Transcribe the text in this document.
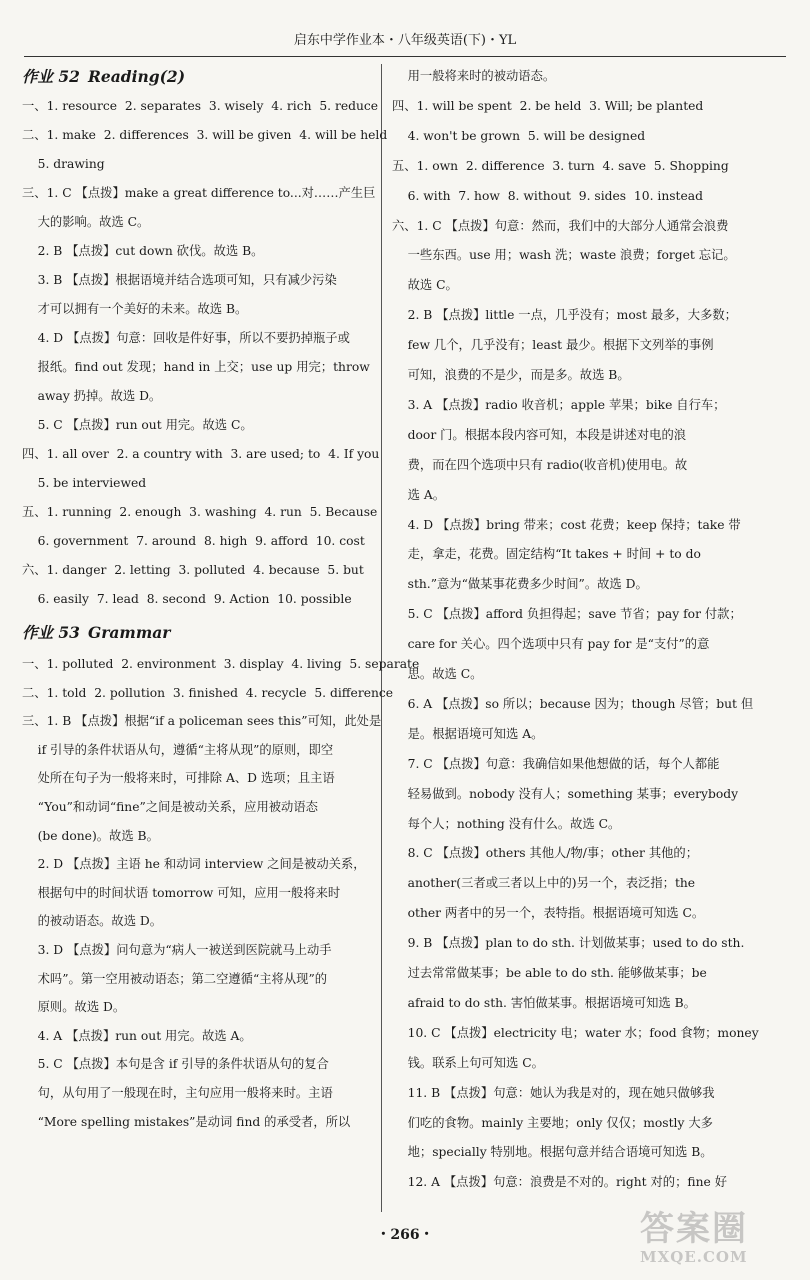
启东中学作业本・八年级英语(下)・YL
作业 52 Reading(2)
一、1. resource  2. separates  3. wisely  4. rich  5. reduce
二、1. make  2. differences  3. will be given  4. will be held
5. drawing
三、1. C 【点拨】make a great difference to...对……产生巨
大的影响。故选 C。
2. B 【点拨】cut down 砍伐。故选 B。
3. B 【点拨】根据语境并结合选项可知，只有减少污染
才可以拥有一个美好的未来。故选 B。
4. D 【点拨】句意：回收是件好事，所以不要扔掉瓶子或
报纸。find out 发现；hand in 上交；use up 用完；throw
away 扔掉。故选 D。
5. C 【点拨】run out 用完。故选 C。
四、1. all over  2. a country with  3. are used; to  4. If you
5. be interviewed
五、1. running  2. enough  3. washing  4. run  5. Because
6. government  7. around  8. high  9. afford  10. cost
六、1. danger  2. letting  3. polluted  4. because  5. but
6. easily  7. lead  8. second  9. Action  10. possible
一、1. polluted  2. environment  3. display  4. living  5. separate
二、1. told  2. pollution  3. finished  4. recycle  5. difference
三、1. B 【点拨】根据“if a policeman sees this”可知，此处是
if 引导的条件状语从句，遵循“主将从现”的原则，即空
处所在句子为一般将来时，可排除 A、D 选项；且主语
“You”和动词“fine”之间是被动关系，应用被动语态
(be done)。故选 B。
2. D 【点拨】主语 he 和动词 interview 之间是被动关系，
根据句中的时间状语 tomorrow 可知，应用一般将来时
的被动语态。故选 D。
3. D 【点拨】问句意为“病人一被送到医院就马上动手
术吗”。第一空用被动语态；第二空遵循“主将从现”的
原则。故选 D。
4. A 【点拨】run out 用完。故选 A。
5. C 【点拨】本句是含 if 引导的条件状语从句的复合
句，从句用了一般现在时，主句应用一般将来时。主语
“More spelling mistakes”是动词 find 的承受者，所以
作业 53 Grammar
用一般将来时的被动语态。
四、1. will be spent  2. be held  3. Will; be planted
4. won't be grown  5. will be designed
五、1. own  2. difference  3. turn  4. save  5. Shopping
6. with  7. how  8. without  9. sides  10. instead
六、1. C 【点拨】句意：然而，我们中的大部分人通常会浪费
一些东西。use 用；wash 洗；waste 浪费；forget 忘记。
故选 C。
2. B 【点拨】little 一点，几乎没有；most 最多，大多数；
few 几个，几乎没有；least 最少。根据下文列举的事例
可知，浪费的不是少，而是多。故选 B。
3. A 【点拨】radio 收音机；apple 苹果；bike 自行车；
door 门。根据本段内容可知，本段是讲述对电的浪
费，而在四个选项中只有 radio(收音机)使用电。故
选 A。
4. D 【点拨】bring 带来；cost 花费；keep 保持；take 带
走，拿走，花费。固定结构“It takes + 时间 + to do
sth.”意为“做某事花费多少时间”。故选 D。
5. C 【点拨】afford 负担得起；save 节省；pay for 付款；
care for 关心。四个选项中只有 pay for 是“支付”的意
思。故选 C。
6. A 【点拨】so 所以；because 因为；though 尽管；but 但
是。根据语境可知选 A。
7. C 【点拨】句意：我确信如果他想做的话，每个人都能
轻易做到。nobody 没有人；something 某事；everybody
每个人；nothing 没有什么。故选 C。
8. C 【点拨】others 其他人/物/事；other 其他的；
another(三者或三者以上中的)另一个，表泛指；the
other 两者中的另一个，表特指。根据语境可知选 C。
9. B 【点拨】plan to do sth. 计划做某事；used to do sth.
过去常常做某事；be able to do sth. 能够做某事；be
afraid to do sth. 害怕做某事。根据语境可知选 B。
10. C 【点拨】electricity 电；water 水；food 食物；money
钱。联系上句可知选 C。
11. B 【点拨】句意：她认为我是对的，现在她只做够我
们吃的食物。mainly 主要地；only 仅仅；mostly 大多
地；specially 特别地。根据句意并结合语境可知选 B。
12. A 【点拨】句意：浪费是不对的。right 对的；fine 好
・266・	答案圈
MXQE.COM
